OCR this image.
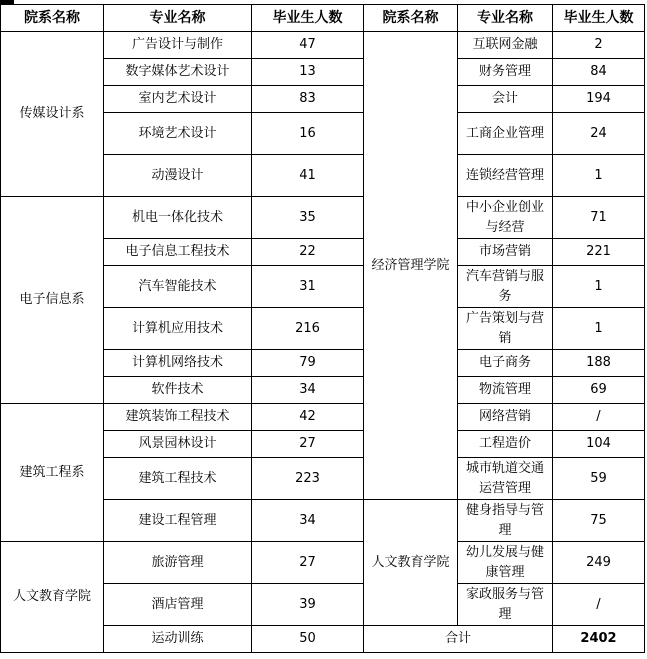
院系名称	专业名称	毕业生人数	院系名称	专业名称	毕业生人数
传媒设计系	广告设计与制作	47	经济管理学院	互联网金融	2
	数字媒体艺术设计	13		财务管理	84
	室内艺术设计	83		会计	194
	环境艺术设计	16		工商企业管理	24
	动漫设计	41		连锁经营管理	1
电子信息系	机电一体化技术	35		中小企业创业与经营	71
	电子信息工程技术	22		市场营销	221
	汽车智能技术	31		汽车营销与服务	1
	计算机应用技术	216		广告策划与营销	1
	计算机网络技术	79		电子商务	188
	软件技术	34		物流管理	69
建筑工程系	建筑装饰工程技术	42		网络营销	/
	风景园林设计	27		工程造价	104
	建筑工程技术	223		城市轨道交通运营管理	59
	建设工程管理	34	人文教育学院	健身指导与管理	75
人文教育学院	旅游管理	27		幼儿发展与健康管理	249
	酒店管理	39		家政服务与管理	/
	运动训练	50	合计		2402
